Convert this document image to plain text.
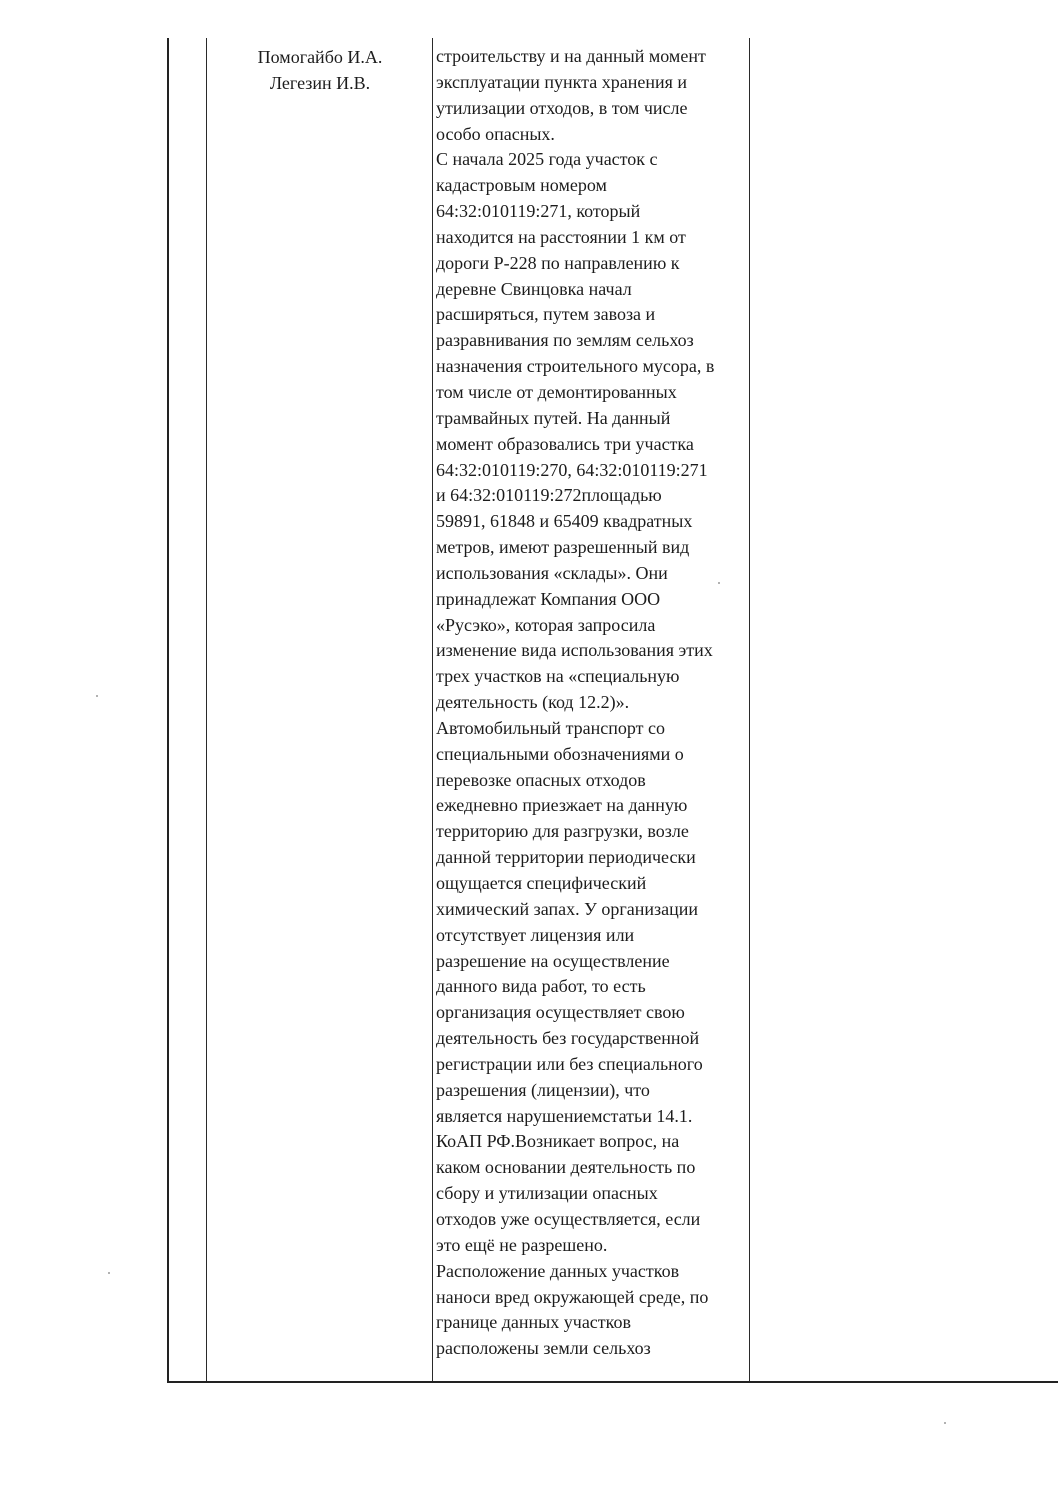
Помогайбо И.А.
Легезин И.В.
строительству и на данный момент
эксплуатации пункта хранения и
утилизации отходов, в том числе
особо опасных.
С начала 2025 года участок с
кадастровым номером
64:32:010119:271, который
находится на расстоянии 1 км от
дороги Р-228 по направлению к
деревне Свинцовка начал
расширяться, путем завоза и
разравнивания по землям сельхоз
назначения строительного мусора, в
том числе от демонтированных
трамвайных путей. На данный
момент образовались три участка
64:32:010119:270, 64:32:010119:271
и 64:32:010119:272площадью
59891, 61848 и 65409 квадратных
метров, имеют разрешенный вид
использования «склады». Они
принадлежат Компания ООО
«Русэко», которая запросила
изменение вида использования этих
трех участков на «специальную
деятельность (код 12.2)».
Автомобильный транспорт со
специальными обозначениями о
перевозке опасных отходов
ежедневно приезжает на данную
территорию для разгрузки, возле
данной территории периодически
ощущается специфический
химический запах. У организации
отсутствует лицензия или
разрешение на осуществление
данного вида работ, то есть
организация осуществляет свою
деятельность без государственной
регистрации или без специального
разрешения (лицензии), что
является нарушениемстатьи 14.1.
КоАП РФ.Возникает вопрос, на
каком основании деятельность по
сбору и утилизации опасных
отходов уже осуществляется, если
это ещё не разрешено.
Расположение данных участков
наноси вред окружающей среде, по
границе данных участков
расположены земли сельхоз
